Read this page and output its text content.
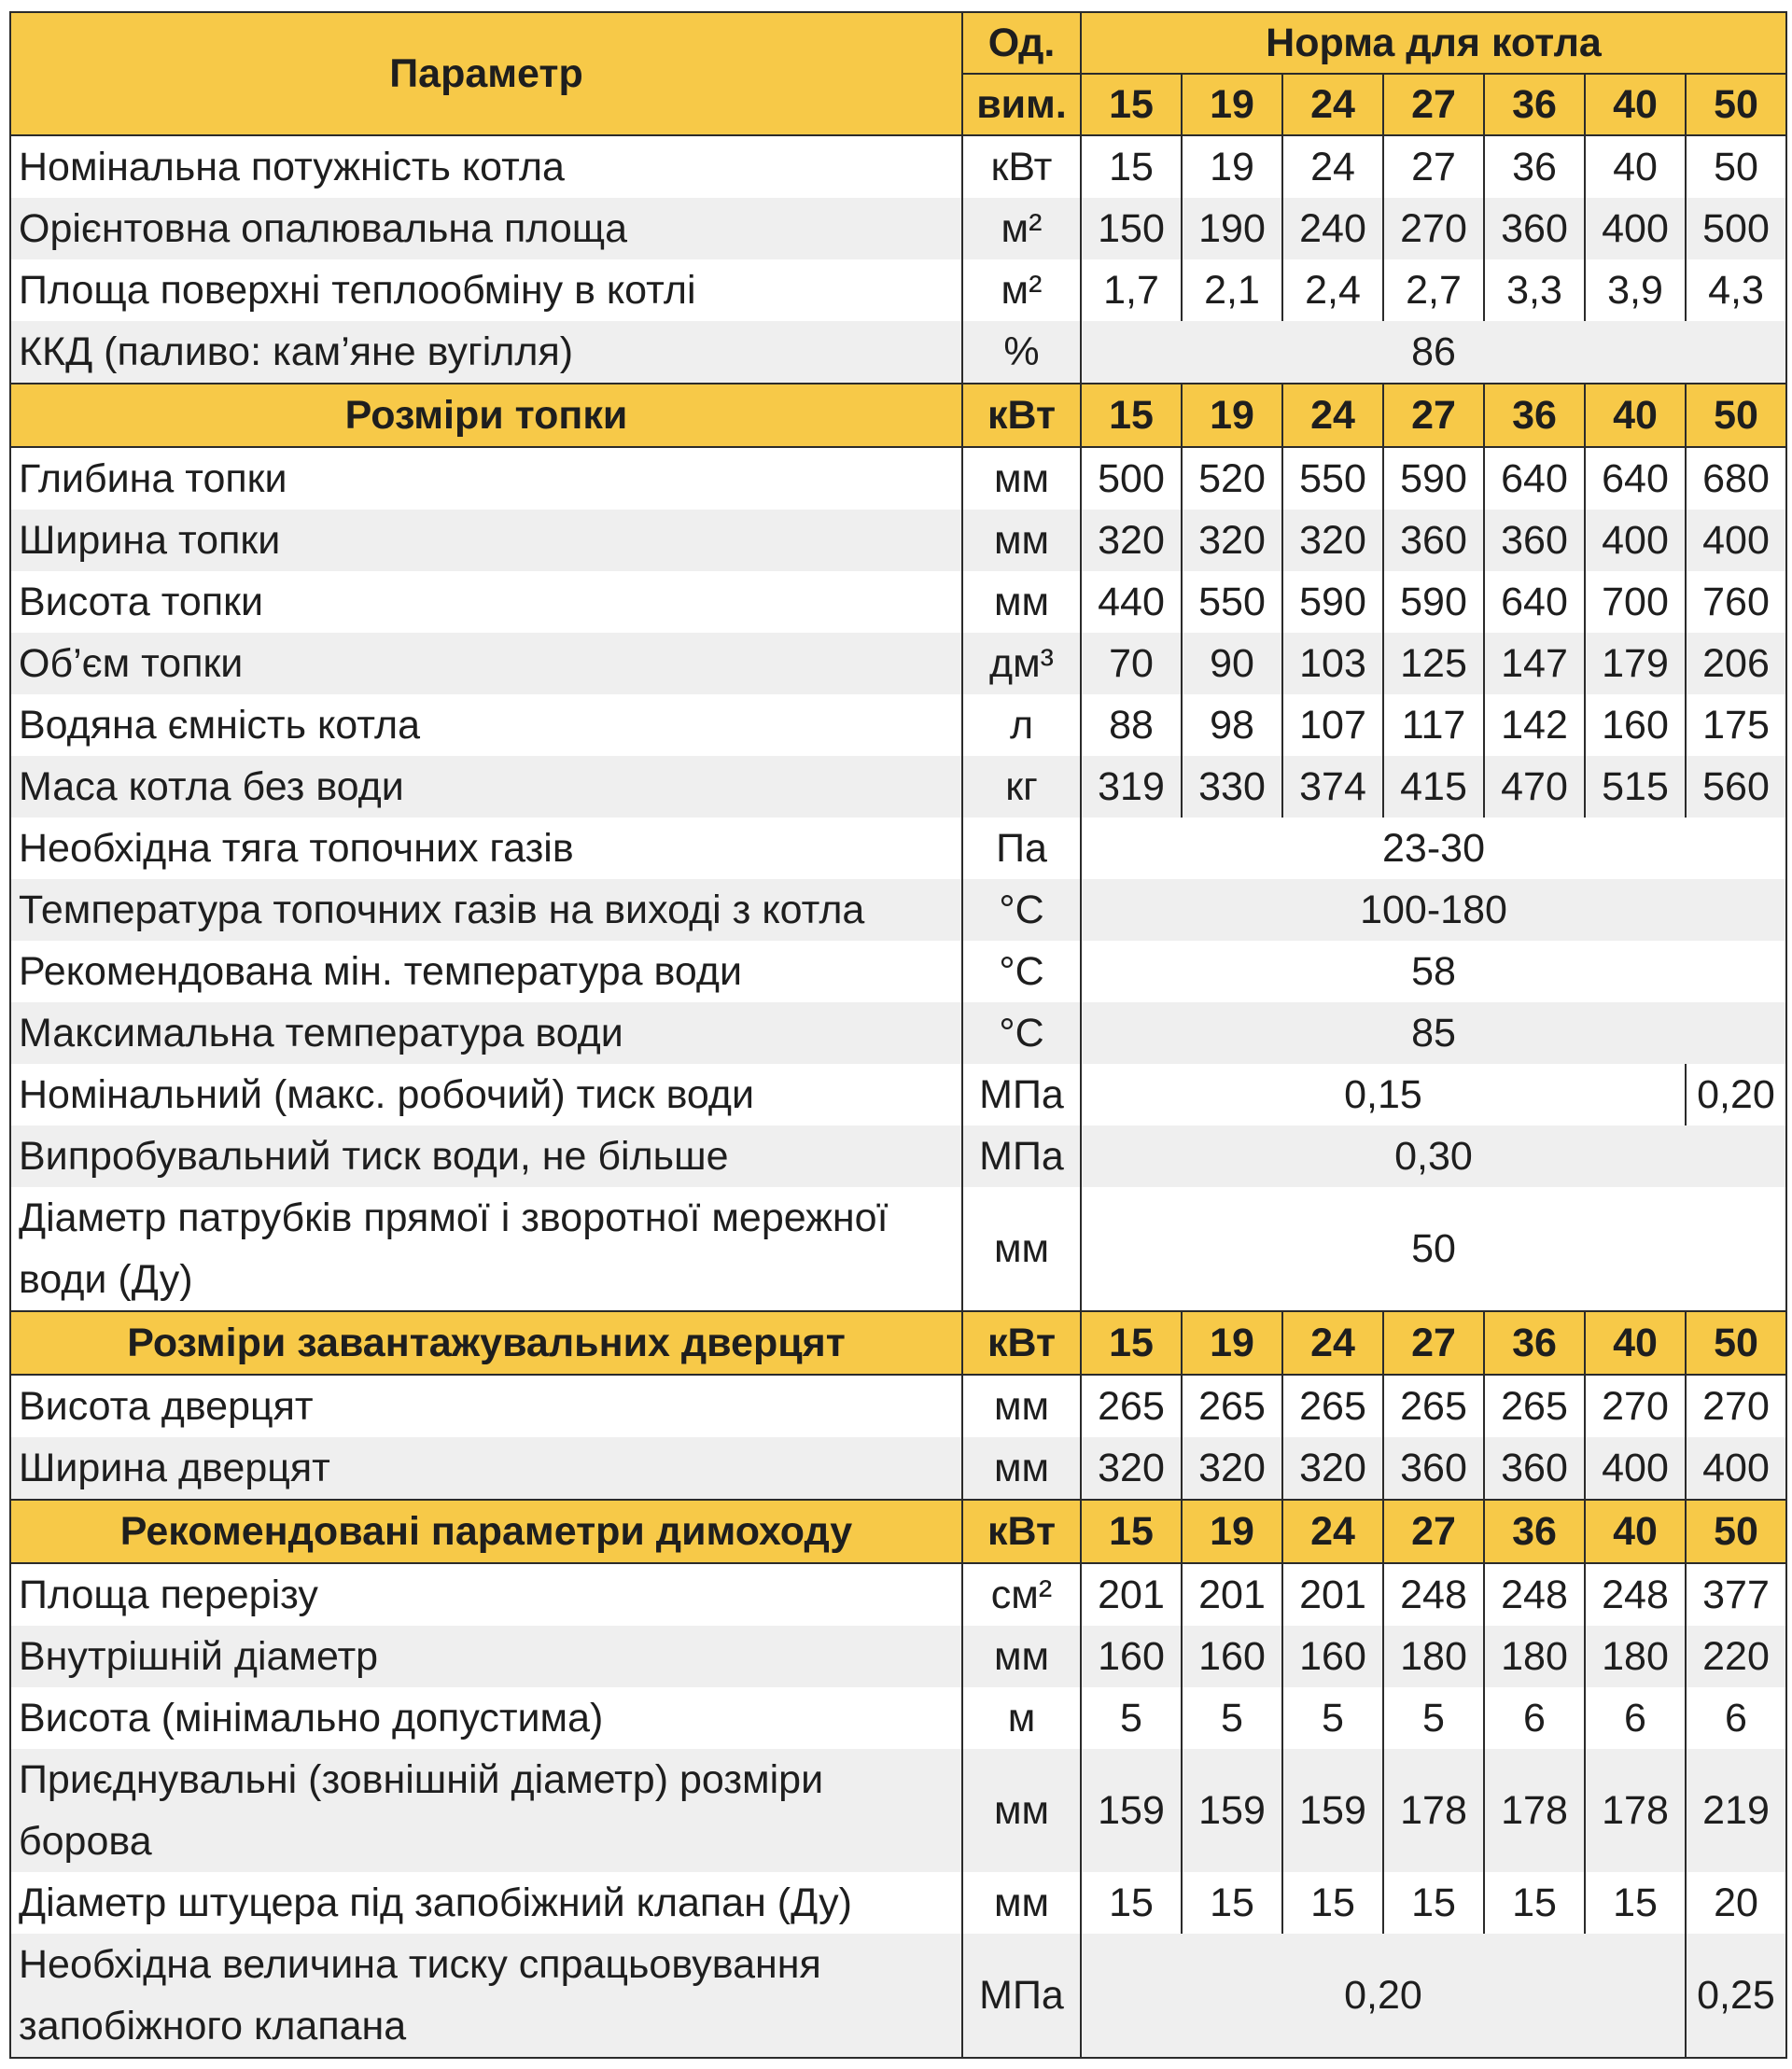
Параметр	Од.	Норма для котла						
	вим.	15	19	24	27	36	40	50
Номінальна потужність котла	кВт	15	19	24	27	36	40	50
Орієнтовна опалювальна площа	м²	150	190	240	270	360	400	500
Площа поверхні теплообміну в котлі	м²	1,7	2,1	2,4	2,7	3,3	3,9	4,3
ККД (паливо: кам’яне вугілля)	%	86						
Розміри топки	кВт	15	19	24	27	36	40	50
Глибина топки	мм	500	520	550	590	640	640	680
Ширина топки	мм	320	320	320	360	360	400	400
Висота топки	мм	440	550	590	590	640	700	760
Об’єм топки	дм³	70	90	103	125	147	179	206
Водяна ємність котла	л	88	98	107	117	142	160	175
Маса котла без води	кг	319	330	374	415	470	515	560
Необхідна тяга топочних газів	Па	23-30						
Температура топочних газів на виході з котла	°C	100-180						
Рекомендована мін. температура води	°C	58						
Максимальна температура води	°C	85						
Номінальний (макс. робочий) тиск води	МПа	0,15						0,20
Випробувальний тиск води, не більше	МПа	0,30						
Діаметр патрубків прямої і зворотної мережної води (Ду)	мм	50						
Розміри завантажувальних дверцят	кВт	15	19	24	27	36	40	50
Висота дверцят	мм	265	265	265	265	265	270	270
Ширина дверцят	мм	320	320	320	360	360	400	400
Рекомендовані параметри димоходу	кВт	15	19	24	27	36	40	50
Площа перерізу	см²	201	201	201	248	248	248	377
Внутрішній діаметр	мм	160	160	160	180	180	180	220
Висота (мінімально допустима)	м	5	5	5	5	6	6	6
Приєднувальні (зовнішній діаметр) розміри борова	мм	159	159	159	178	178	178	219
Діаметр штуцера під запобіжний клапан (Ду)	мм	15	15	15	15	15	15	20
Необхідна величина тиску спрацьовування запобіжного клапана	МПа	0,20						0,25
